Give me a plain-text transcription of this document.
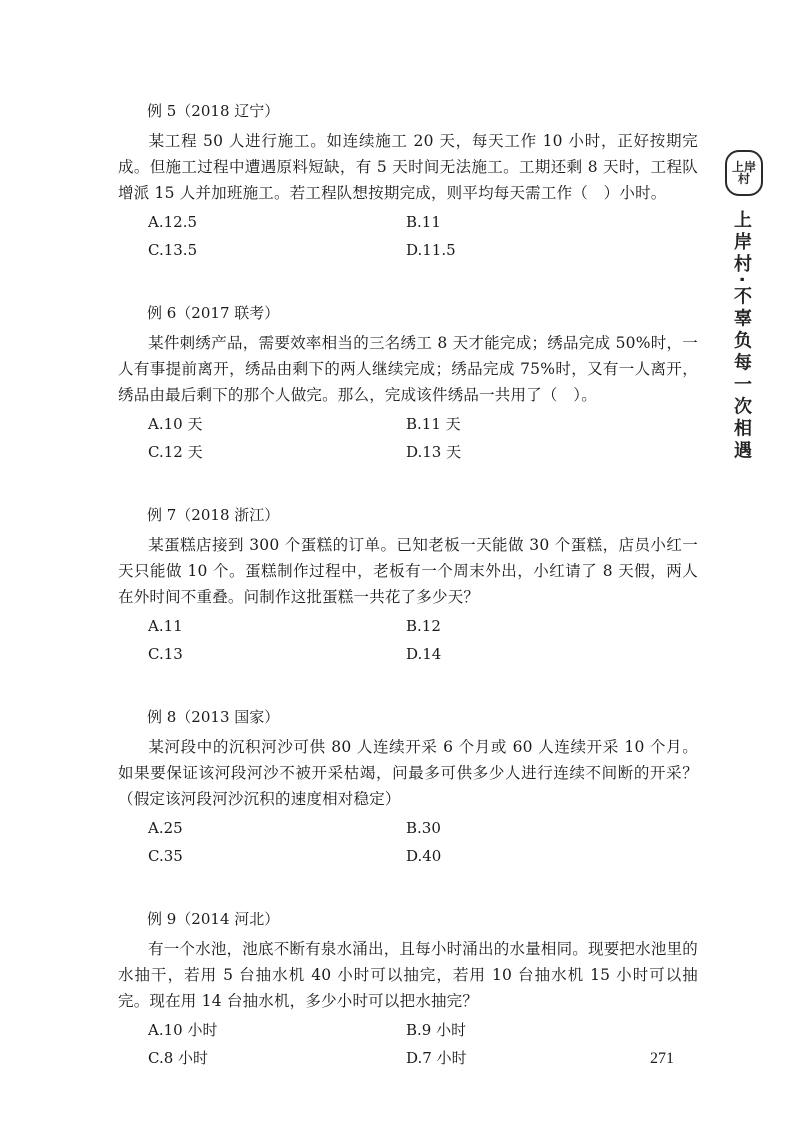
上岸村
上岸村·不辜负每一次相遇
例 5（2018 辽宁）

某工程 50 人进行施工。如连续施工 20 天，每天工作 10 小时，正好按期完成。但施工过程中遭遇原料短缺，有 5 天时间无法施工。工期还剩 8 天时，工程队增派 15 人并加班施工。若工程队想按期完成，则平均每天需工作（　）小时。

A.12.5	B.11
C.13.5	D.11.5
例 6（2017 联考）

某件刺绣产品，需要效率相当的三名绣工 8 天才能完成；绣品完成 50%时，一人有事提前离开，绣品由剩下的两人继续完成；绣品完成 75%时，又有一人离开，绣品由最后剩下的那个人做完。那么，完成该件绣品一共用了（　）。

A.10 天	B.11 天
C.12 天	D.13 天
例 7（2018 浙江）

某蛋糕店接到 300 个蛋糕的订单。已知老板一天能做 30 个蛋糕，店员小红一天只能做 10 个。蛋糕制作过程中，老板有一个周末外出，小红请了 8 天假，两人在外时间不重叠。问制作这批蛋糕一共花了多少天？

A.11	B.12
C.13	D.14
例 8（2013 国家）

某河段中的沉积河沙可供 80 人连续开采 6 个月或 60 人连续开采 10 个月。如果要保证该河段河沙不被开采枯竭，问最多可供多少人进行连续不间断的开采？（假定该河段河沙沉积的速度相对稳定）

A.25	B.30
C.35	D.40
例 9（2014 河北）

有一个水池，池底不断有泉水涌出，且每小时涌出的水量相同。现要把水池里的水抽干，若用 5 台抽水机 40 小时可以抽完，若用 10 台抽水机 15 小时可以抽完。现在用 14 台抽水机，多少小时可以把水抽完？

A.10 小时	B.9 小时
C.8 小时	D.7 小时	271
